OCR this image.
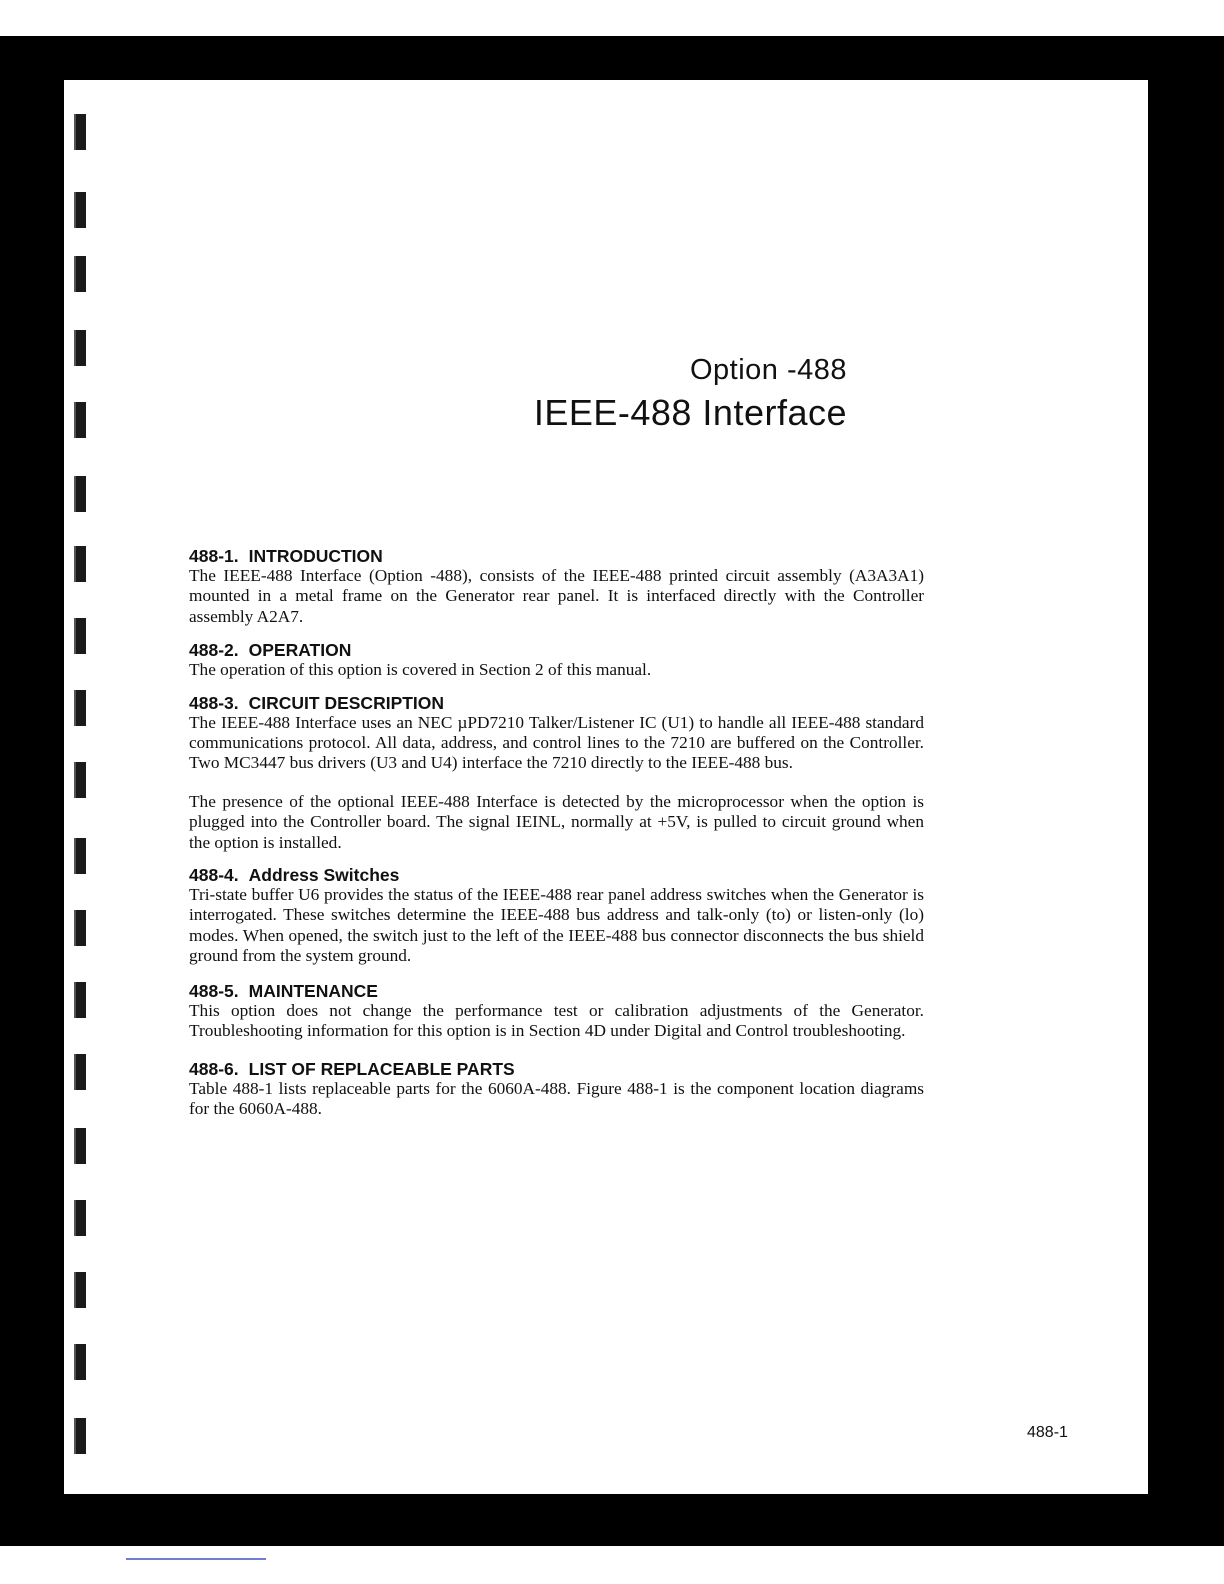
Option -488
IEEE-488 Interface

488-1. INTRODUCTION

The IEEE-488 Interface (Option -488), consists of the IEEE-488 printed circuit assembly (A3A3A1) mounted in a metal frame on the Generator rear panel. It is interfaced directly with the Controller assembly A2A7.

488-2. OPERATION

The operation of this option is covered in Section 2 of this manual.

488-3. CIRCUIT DESCRIPTION

The IEEE-488 Interface uses an NEC µPD7210 Talker/Listener IC (U1) to handle all IEEE-488 standard communications protocol. All data, address, and control lines to the 7210 are buffered on the Controller. Two MC3447 bus drivers (U3 and U4) interface the 7210 directly to the IEEE-488 bus.

The presence of the optional IEEE-488 Interface is detected by the microprocessor when the option is plugged into the Controller board. The signal IEINL, normally at +5V, is pulled to circuit ground when the option is installed.

488-4. Address Switches

Tri-state buffer U6 provides the status of the IEEE-488 rear panel address switches when the Generator is interrogated. These switches determine the IEEE-488 bus address and talk-only (to) or listen-only (lo) modes. When opened, the switch just to the left of the IEEE-488 bus connector disconnects the bus shield ground from the system ground.

488-5. MAINTENANCE

This option does not change the performance test or calibration adjustments of the Generator. Troubleshooting information for this option is in Section 4D under Digital and Control troubleshooting.

488-6. LIST OF REPLACEABLE PARTS

Table 488-1 lists replaceable parts for the 6060A-488. Figure 488-1 is the component location diagrams for the 6060A-488.

488-1
